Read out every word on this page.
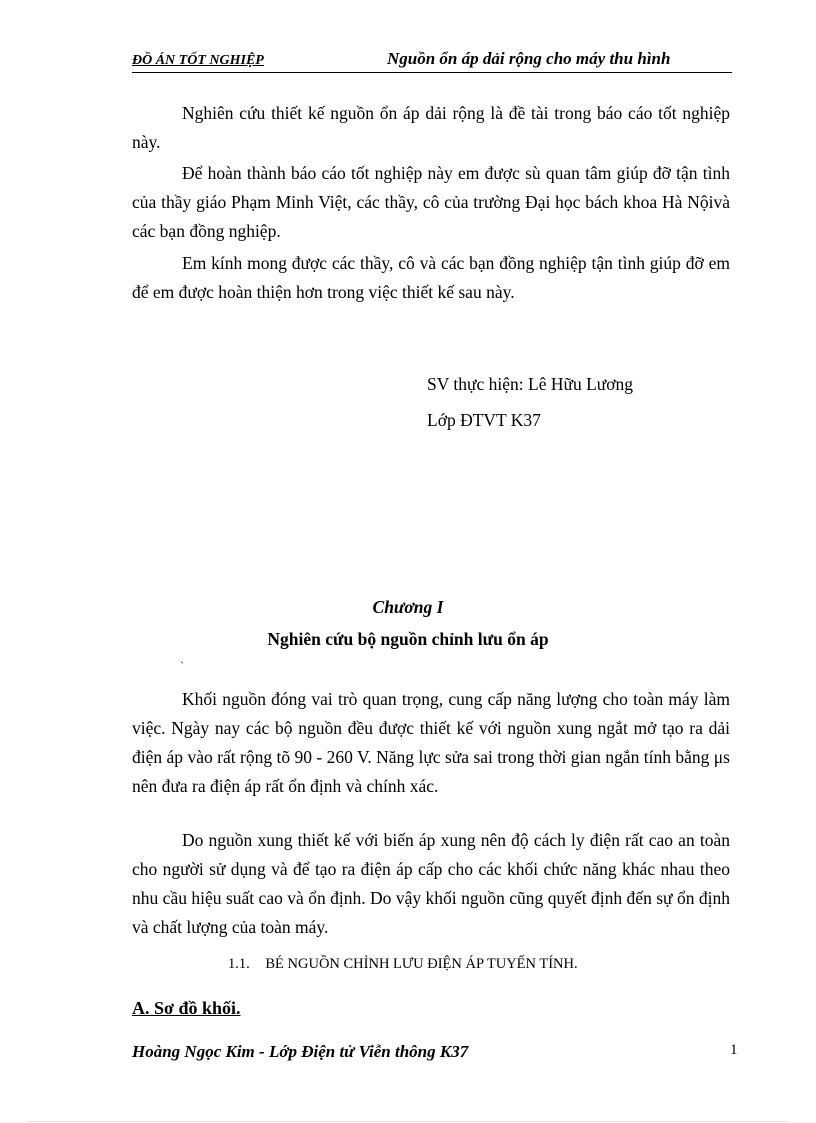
ĐỒ ÁN TỐT NGHIỆP	Nguồn ổn áp dải rộng cho máy thu hình

Nghiên cứu thiết kế nguồn ổn áp dải rộng là đề tài trong báo cáo tốt nghiệp này.

Để hoàn thành báo cáo tốt nghiệp này em được sù quan tâm giúp đỡ tận tình của thầy giáo Phạm Minh Việt, các thầy, cô của trường Đại học bách khoa Hà Nộivà các bạn đồng nghiệp.

Em kính mong được các thầy, cô và các bạn đồng nghiệp tận tình giúp đỡ em để em được hoàn thiện hơn trong việc thiết kế sau này.

SV thực hiện: Lê Hữu Lương
Lớp ĐTVT K37
Chương I
Nghiên cứu bộ nguồn chỉnh lưu ổn áp
`

Khối nguồn đóng vai trò quan trọng, cung cấp năng lượng cho toàn máy làm việc. Ngày nay các bộ nguồn đều được thiết kế với nguồn xung ngắt mở tạo ra dải điện áp vào rất rộng tõ 90 - 260 V. Năng lực sửa sai trong thời gian ngắn tính bằng μs nên đưa ra điện áp rất ổn định và chính xác.

Do nguồn xung thiết kế với biến áp xung nên độ cách ly điện rất cao an toàn cho người sử dụng và để tạo ra điện áp cấp cho các khối chức năng khác nhau theo nhu cầu hiệu suất cao và ổn định. Do vậy khối nguồn cũng quyết định đến sự ổn định và chất lượng của toàn máy.

1.1. BÉ NGUỒN CHỈNH LƯU ĐIỆN ÁP TUYẾN TÍNH.
A. Sơ đồ khối.
Hoàng Ngọc Kim - Lớp Điện tử Viễn thông K37	1
